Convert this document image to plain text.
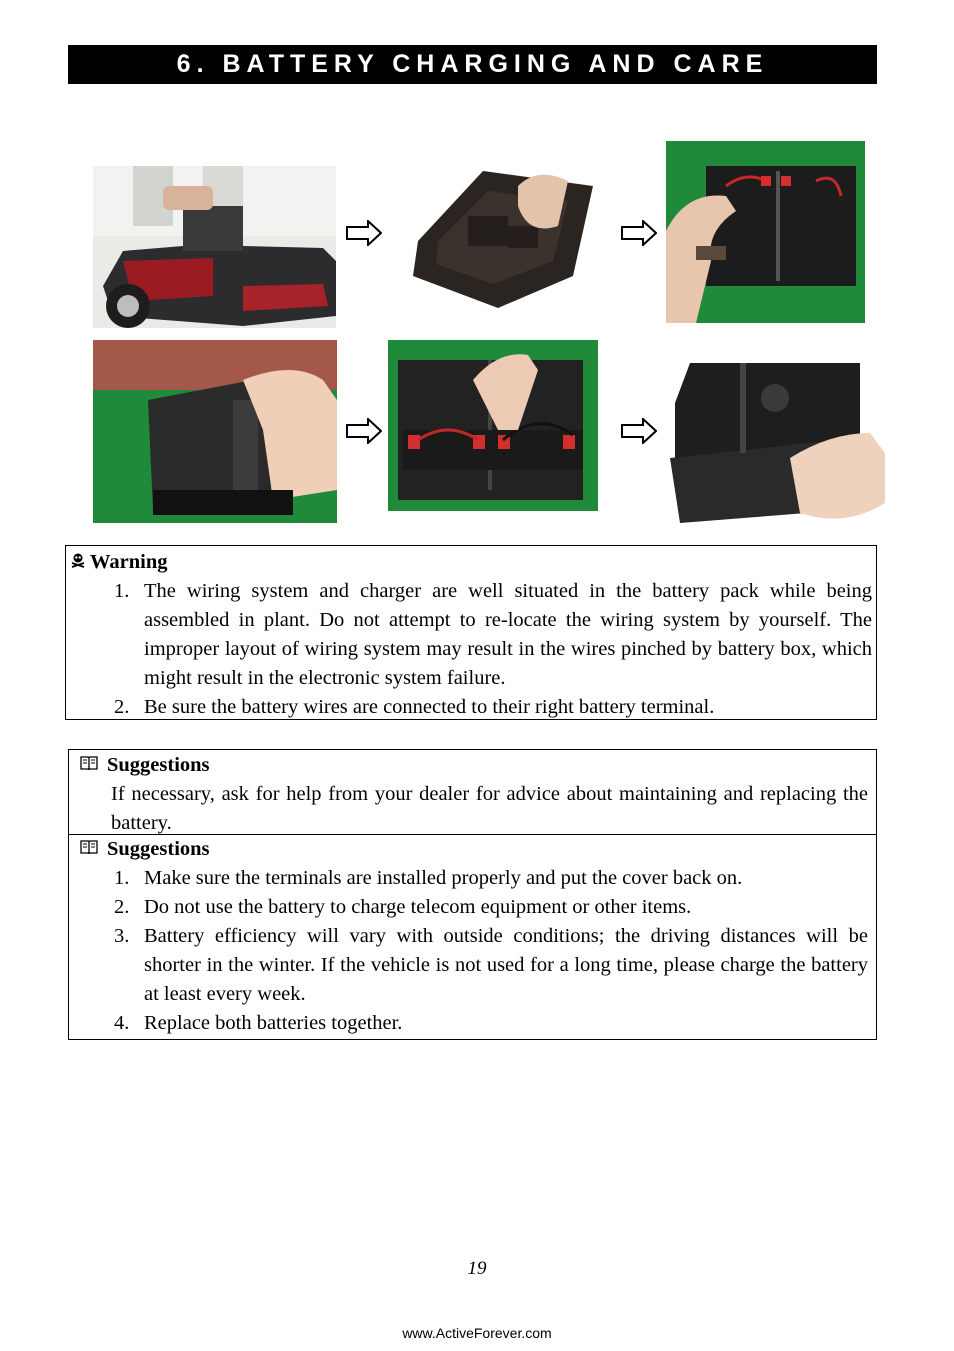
6. BATTERY CHARGING AND CARE
Warning
1. The wiring system and charger are well situated in the battery pack while being assembled in plant. Do not attempt to re-locate the wiring system by yourself. The improper layout of wiring system may result in the wires pinched by battery box, which might result in the electronic system failure.
2. Be sure the battery wires are connected to their right battery terminal.
Suggestions
If necessary, ask for help from your dealer for advice about maintaining and replacing the battery.
Suggestions
1. Make sure the terminals are installed properly and put the cover back on.
2. Do not use the battery to charge telecom equipment or other items.
3. Battery efficiency will vary with outside conditions; the driving distances will be shorter in the winter. If the vehicle is not used for a long time, please charge the battery at least every week.
4. Replace both batteries together.
19
www.ActiveForever.com
